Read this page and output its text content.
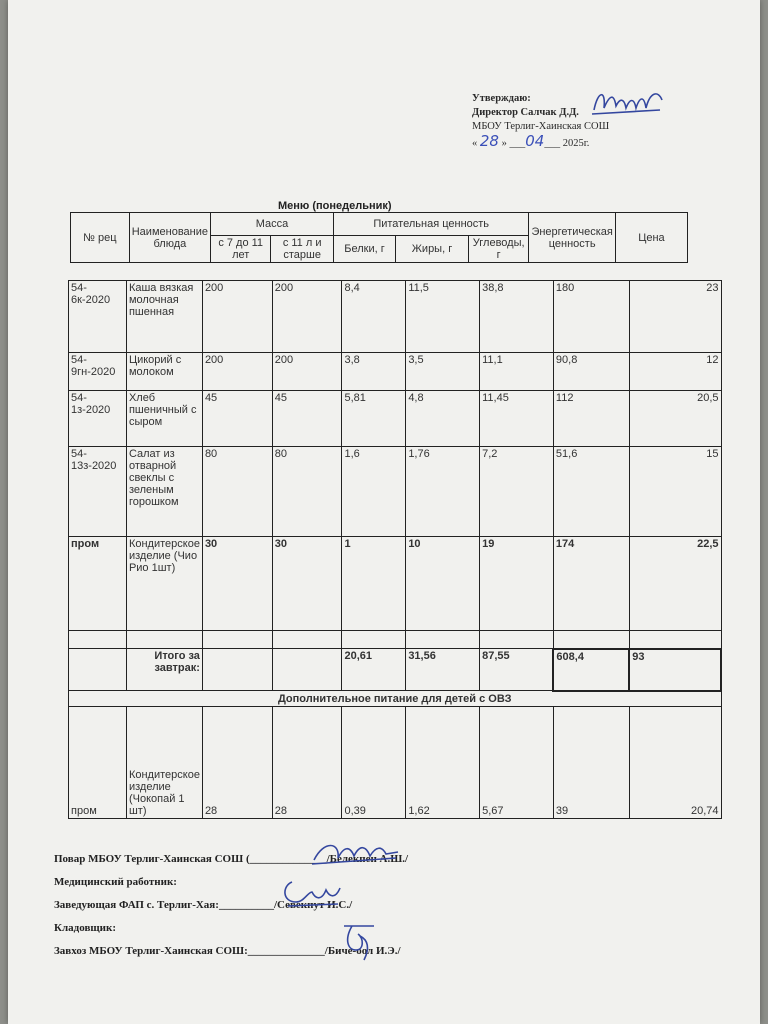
Утверждаю:
Директор Салчак Д.Д.
МБОУ Терлиг-Хаинская СОШ
« 28 » ___04___ 2025г.
Меню (понедельник)
№ рец	Наименование блюда	Масса		Питательная ценность			Энергетическая ценность	Цена
		с 7 до 11 лет	с 11 л и старше	Белки, г	Жиры, г	Углеводы, г		
54-6к-2020	Каша вязкая молочная пшенная	200	200	8,4	11,5	38,8	180	23
54-9гн-2020	Цикорий с молоком	200	200	3,8	3,5	11,1	90,8	12
54-1з-2020	Хлеб пшеничный с сыром	45	45	5,81	4,8	11,45	112	20,5
54-13з-2020	Салат из отварной свеклы с зеленым горошком	80	80	1,6	1,76	7,2	51,6	15
пром	Кондитерское изделие (Чио Рио 1шт)	30	30	1	10	19	174	22,5

	Итого за завтрак:			20,61	31,56	87,55	608,4	93
Дополнительное питание для детей с ОВЗ								
пром	Кондитерское изделие (Чокопай 1 шт)	28	28	0,39	1,62	5,67	39	20,74
Повар МБОУ Терлиг-Хаинская СОШ (______________/Белекпен А.Ш./
Медицинский работник:
Заведующая ФАП с. Терлиг-Хая:__________/Севекпут И.С./
Кладовщик:
Завхоз МБОУ Терлиг-Хаинская СОШ:______________/Биче-оол И.Э./
